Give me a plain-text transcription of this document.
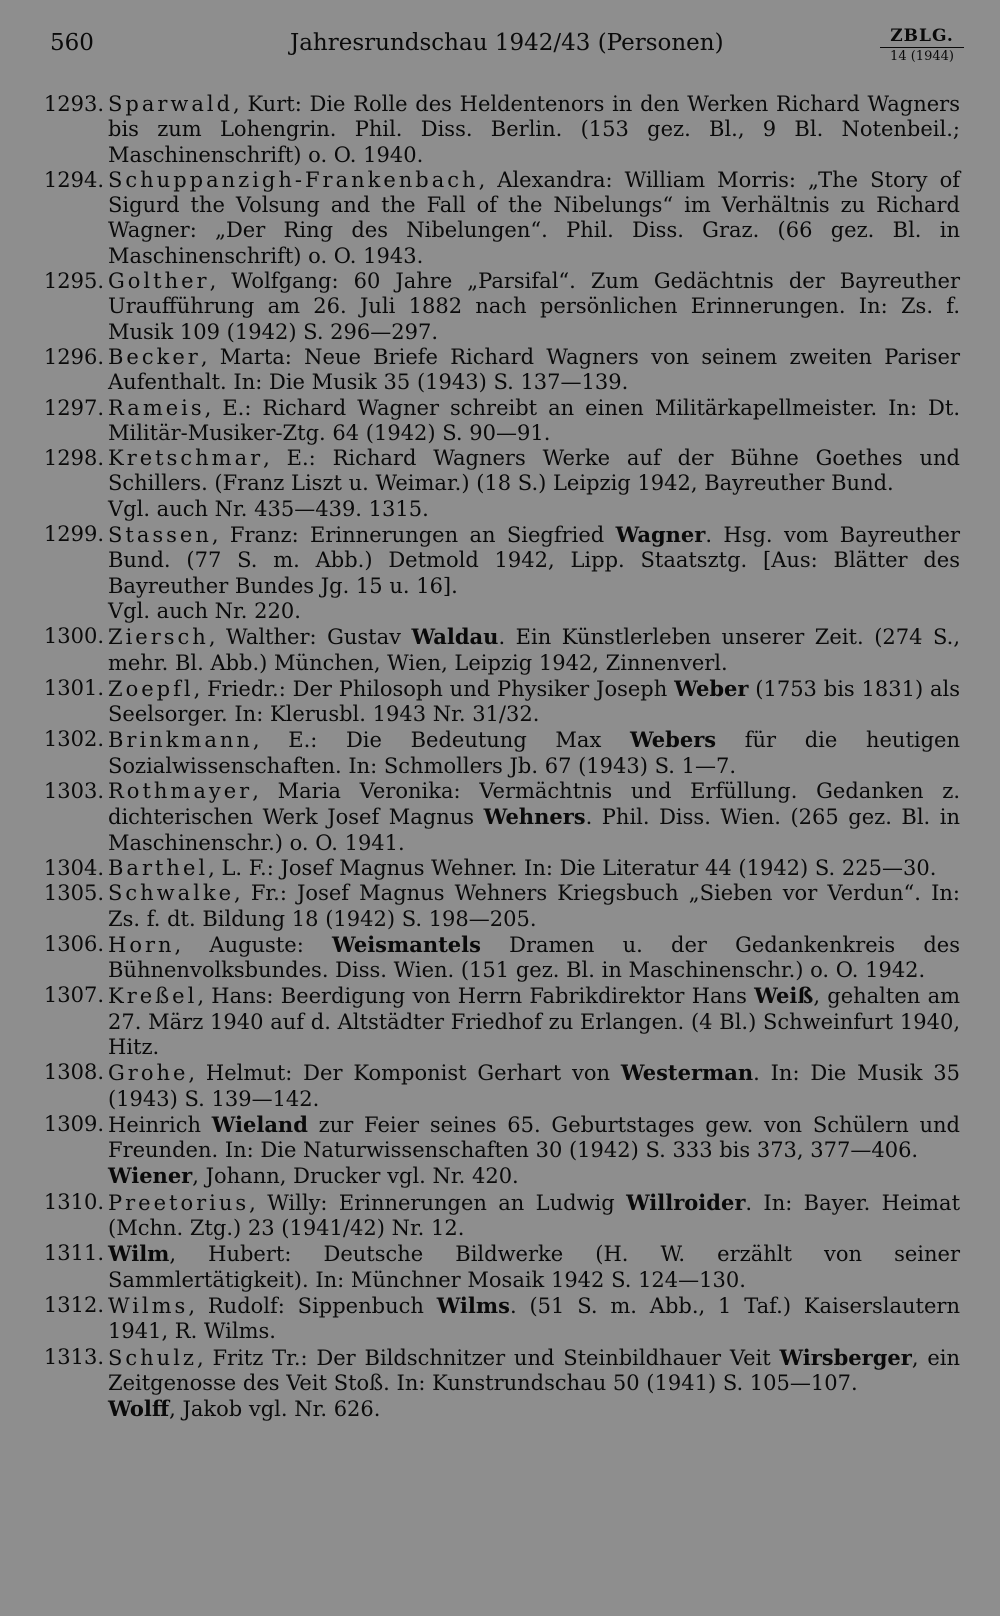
560	Jahresrundschau 1942/43 (Personen)	ZBLG.
14 (1944)
1293. Sparwald, Kurt: Die Rolle des Heldentenors in den Werken Richard Wagners bis zum Lohengrin. Phil. Diss. Berlin. (153 gez. Bl., 9 Bl. Notenbeil.; Maschinenschrift) o. O. 1940.
1294. Schuppanzigh-Frankenbach, Alexandra: William Morris: „The Story of Sigurd the Volsung and the Fall of the Nibelungs“ im Verhältnis zu Richard Wagner: „Der Ring des Nibelungen“. Phil. Diss. Graz. (66 gez. Bl. in Maschinenschrift) o. O. 1943.
1295. Golther, Wolfgang: 60 Jahre „Parsifal“. Zum Gedächtnis der Bayreuther Uraufführung am 26. Juli 1882 nach persönlichen Erinnerungen. In: Zs. f. Musik 109 (1942) S. 296—297.
1296. Becker, Marta: Neue Briefe Richard Wagners von seinem zweiten Pariser Aufenthalt. In: Die Musik 35 (1943) S. 137—139.
1297. Rameis, E.: Richard Wagner schreibt an einen Militärkapellmeister. In: Dt. Militär-Musiker-Ztg. 64 (1942) S. 90—91.
1298. Kretschmar, E.: Richard Wagners Werke auf der Bühne Goethes und Schillers. (Franz Liszt u. Weimar.) (18 S.) Leipzig 1942, Bayreuther Bund.
Vgl. auch Nr. 435—439. 1315.
1299. Stassen, Franz: Erinnerungen an Siegfried Wagner. Hsg. vom Bayreuther Bund. (77 S. m. Abb.) Detmold 1942, Lipp. Staatsztg. [Aus: Blätter des Bayreuther Bundes Jg. 15 u. 16].
Vgl. auch Nr. 220.
1300. Ziersch, Walther: Gustav Waldau. Ein Künstlerleben unserer Zeit. (274 S., mehr. Bl. Abb.) München, Wien, Leipzig 1942, Zinnenverl.
1301. Zoepfl, Friedr.: Der Philosoph und Physiker Joseph Weber (1753 bis 1831) als Seelsorger. In: Klerusbl. 1943 Nr. 31/32.
1302. Brinkmann, E.: Die Bedeutung Max Webers für die heutigen Sozialwissenschaften. In: Schmollers Jb. 67 (1943) S. 1—7.
1303. Rothmayer, Maria Veronika: Vermächtnis und Erfüllung. Gedanken z. dichterischen Werk Josef Magnus Wehners. Phil. Diss. Wien. (265 gez. Bl. in Maschinenschr.) o. O. 1941.
1304. Barthel, L. F.: Josef Magnus Wehner. In: Die Literatur 44 (1942) S. 225—30.
1305. Schwalke, Fr.: Josef Magnus Wehners Kriegsbuch „Sieben vor Verdun“. In: Zs. f. dt. Bildung 18 (1942) S. 198—205.
1306. Horn, Auguste: Weismantels Dramen u. der Gedankenkreis des Bühnenvolksbundes. Diss. Wien. (151 gez. Bl. in Maschinenschr.) o. O. 1942.
1307. Kreßel, Hans: Beerdigung von Herrn Fabrikdirektor Hans Weiß, gehalten am 27. März 1940 auf d. Altstädter Friedhof zu Erlangen. (4 Bl.) Schweinfurt 1940, Hitz.
1308. Grohe, Helmut: Der Komponist Gerhart von Westerman. In: Die Musik 35 (1943) S. 139—142.
1309. Heinrich Wieland zur Feier seines 65. Geburtstages gew. von Schülern und Freunden. In: Die Naturwissenschaften 30 (1942) S. 333 bis 373, 377—406.
Wiener, Johann, Drucker vgl. Nr. 420.
1310. Preetorius, Willy: Erinnerungen an Ludwig Willroider. In: Bayer. Heimat (Mchn. Ztg.) 23 (1941/42) Nr. 12.
1311. Wilm, Hubert: Deutsche Bildwerke (H. W. erzählt von seiner Sammlertätigkeit). In: Münchner Mosaik 1942 S. 124—130.
1312. Wilms, Rudolf: Sippenbuch Wilms. (51 S. m. Abb., 1 Taf.) Kaiserslautern 1941, R. Wilms.
1313. Schulz, Fritz Tr.: Der Bildschnitzer und Steinbildhauer Veit Wirsberger, ein Zeitgenosse des Veit Stoß. In: Kunstrundschau 50 (1941) S. 105—107.
Wolff, Jakob vgl. Nr. 626.
